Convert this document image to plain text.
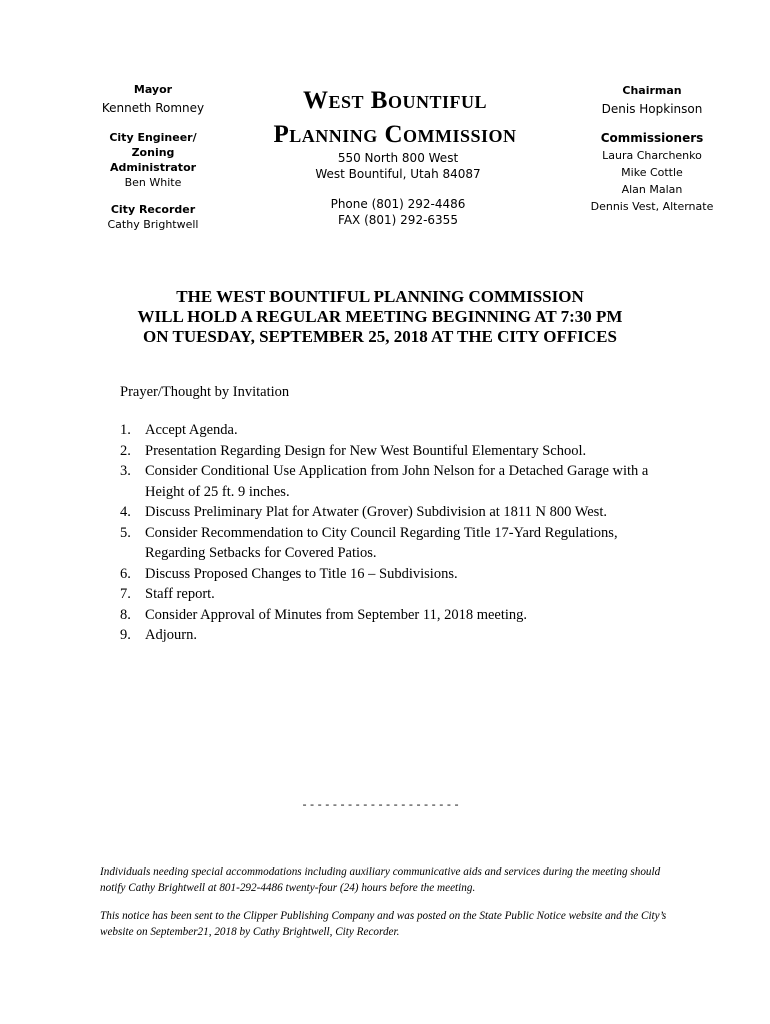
Mayor
Kenneth Romney
City Engineer/
Zoning
Administrator
Ben White
City Recorder
Cathy Brightwell
West Bountiful
Planning Commission
550 North 800 West
West Bountiful, Utah 84087
Phone (801) 292-4486
FAX (801) 292-6355
Chairman
Denis Hopkinson
Commissioners
Laura Charchenko
Mike Cottle
Alan Malan
Dennis Vest, Alternate
THE WEST BOUNTIFUL PLANNING COMMISSION
WILL HOLD A REGULAR MEETING BEGINNING AT 7:30 PM
ON TUESDAY, SEPTEMBER 25, 2018 AT THE CITY OFFICES
Prayer/Thought by Invitation
1. Accept Agenda.
2. Presentation Regarding Design for New West Bountiful Elementary School.
3. Consider Conditional Use Application from John Nelson for a Detached Garage with a Height of 25 ft. 9 inches.
4. Discuss Preliminary Plat for Atwater (Grover) Subdivision at 1811 N 800 West.
5. Consider Recommendation to City Council Regarding Title 17-Yard Regulations, Regarding Setbacks for Covered Patios.
6. Discuss Proposed Changes to Title 16 – Subdivisions.
7. Staff report.
8. Consider Approval of Minutes from September 11, 2018 meeting.
9. Adjourn.
---------------------
Individuals needing special accommodations including auxiliary communicative aids and services during the meeting should notify Cathy Brightwell at 801-292-4486 twenty-four (24) hours before the meeting.
This notice has been sent to the Clipper Publishing Company and was posted on the State Public Notice website and the City’s website on September21, 2018 by Cathy Brightwell, City Recorder.
